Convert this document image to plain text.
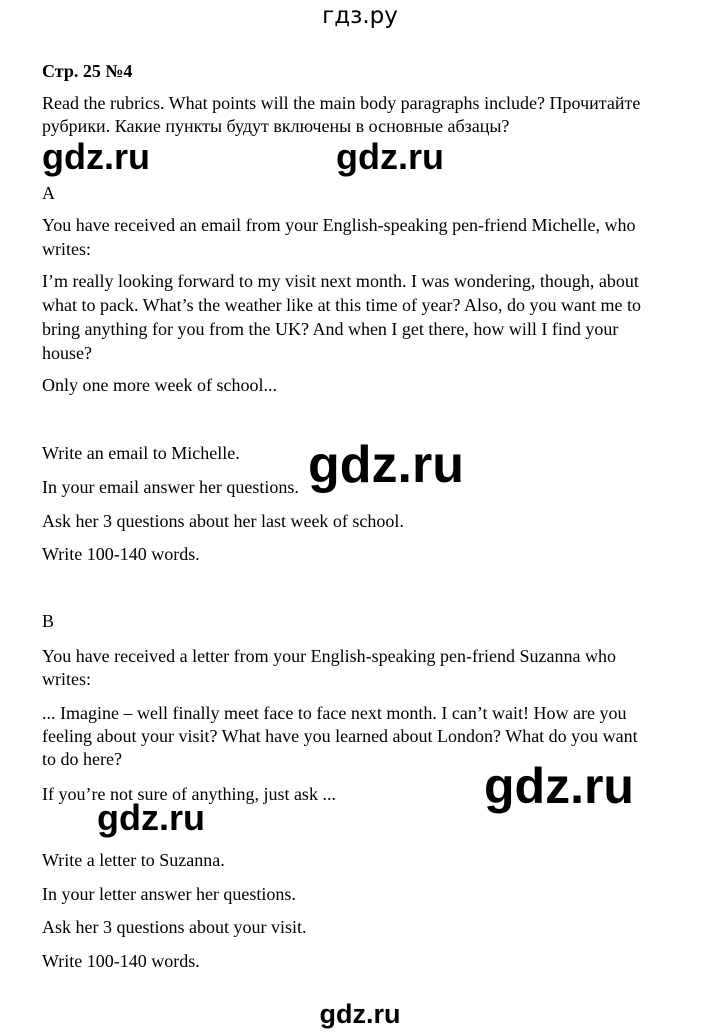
гдз.ру

Стр. 25 №4

Read the rubrics. What points will the main body paragraphs include? Прочитайте

рубрики. Какие пункты будут включены в основные абзацы?

gdz.ru	gdz.ru

A

You have received an email from your English-speaking pen-friend Michelle, who

writes:

I’m really looking forward to my visit next month. I was wondering, though, about

what to pack. What’s the weather like at this time of year? Also, do you want me to

bring anything for you from the UK? And when I get there, how will I find your

house?

Only one more week of school...

Write an email to Michelle. gdz.ru

In your email answer her questions.

Ask her 3 questions about her last week of school.

Write 100-140 words.

B

You have received a letter from your English-speaking pen-friend Suzanna who

writes:

... Imagine – well finally meet face to face next month. I can’t wait! How are you

feeling about your visit? What have you learned about London? What do you want

to do here?

If you’re not sure of anything, just ask ...	gdz.ru
gdz.ru

Write a letter to Suzanna.

In your letter answer her questions.

Ask her 3 questions about your visit.

Write 100-140 words.

gdz.ru
